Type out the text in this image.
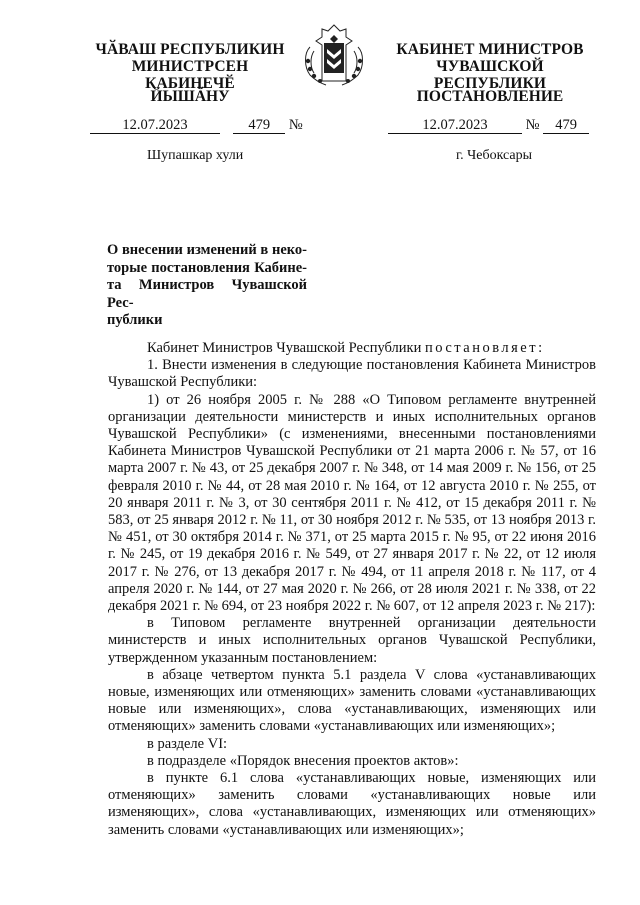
ЧӐВАШ РЕСПУБЛИКИН
МИНИСТРСЕН КАБИНЕЧӖ
ЙЫШӐНУ
КАБИНЕТ МИНИСТРОВ
ЧУВАШСКОЙ РЕСПУБЛИКИ
ПОСТАНОВЛЕНИЕ
12.07.2023	479 №	12.07.2023	№ 479
Шупашкар хули	г. Чебоксары
О внесении изменений в неко-
торые постановления Кабине-
та Министров Чувашской Рес-
публики

Кабинет Министров Чувашской Республики постановляет:

1. Внести изменения в следующие постановления Кабинета Министров Чувашской Республики:

1) от 26 ноября 2005 г. № 288 «О Типовом регламенте внутренней организации деятельности министерств и иных исполнительных органов Чувашской Республики» (с изменениями, внесенными постановлениями Кабинета Министров Чувашской Республики от 21 марта 2006 г. № 57, от 16 марта 2007 г. № 43, от 25 декабря 2007 г. № 348, от 14 мая 2009 г. № 156, от 25 февраля 2010 г. № 44, от 28 мая 2010 г. № 164, от 12 августа 2010 г. № 255, от 20 января 2011 г. № 3, от 30 сентября 2011 г. № 412, от 15 декабря 2011 г. № 583, от 25 января 2012 г. № 11, от 30 ноября 2012 г. № 535, от 13 ноября 2013 г. № 451, от 30 октября 2014 г. № 371, от 25 марта 2015 г. № 95, от 22 июня 2016 г. № 245, от 19 декабря 2016 г. № 549, от 27 января 2017 г. № 22, от 12 июля 2017 г. № 276, от 13 декабря 2017 г. № 494, от 11 апреля 2018 г. № 117, от 4 апреля 2020 г. № 144, от 27 мая 2020 г. № 266, от 28 июля 2021 г. № 338, от 22 декабря 2021 г. № 694, от 23 ноября 2022 г. № 607, от 12 апреля 2023 г. № 217):

в Типовом регламенте внутренней организации деятельности министерств и иных исполнительных органов Чувашской Республики, утвержденном указанным постановлением:

в абзаце четвертом пункта 5.1 раздела V слова «устанавливающих новые, изменяющих или отменяющих» заменить словами «устанавливающих новые или изменяющих», слова «устанавливающих, изменяющих или отменяющих» заменить словами «устанавливающих или изменяющих»;

в разделе VI:

в подразделе «Порядок внесения проектов актов»:

в пункте 6.1 слова «устанавливающих новые, изменяющих или отменяющих» заменить словами «устанавливающих новые или изменяющих», слова «устанавливающих, изменяющих или отменяющих» заменить словами «устанавливающих или изменяющих»;
